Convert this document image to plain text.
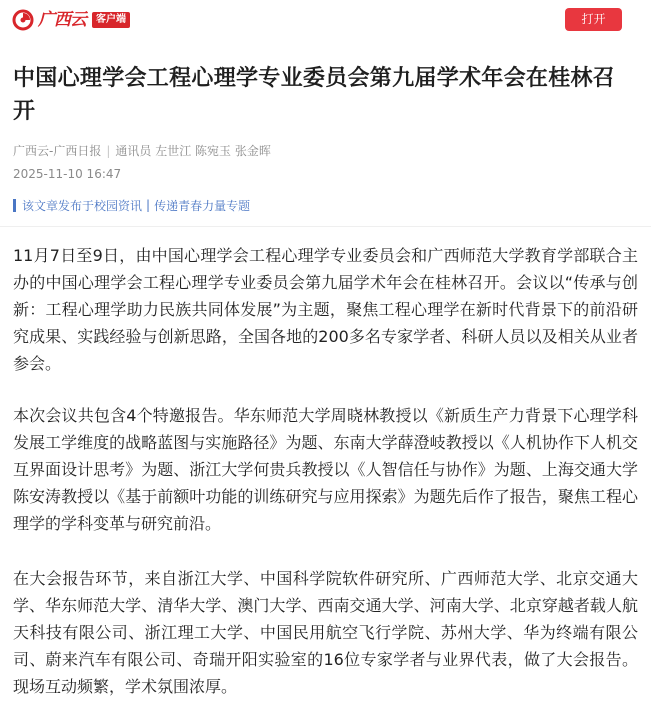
广西云	客户端	打开
中国心理学会工程心理学专业委员会第九届学术年会在桂林召开
广西云-广西日报 | 通讯员 左世江 陈宛玉 张金晖
2025-11-10 16:47
该文章发布于校园资讯 | 传递青春力量专题

11月7日至9日，由中国心理学会工程心理学专业委员会和广西师范大学教育学部联合主办的中国心理学会工程心理学专业委员会第九届学术年会在桂林召开。会议以“传承与创新：工程心理学助力民族共同体发展”为主题，聚焦工程心理学在新时代背景下的前沿研究成果、实践经验与创新思路，全国各地的200多名专家学者、科研人员以及相关从业者参会。

本次会议共包含4个特邀报告。华东师范大学周晓林教授以《新质生产力背景下心理学科发展工学维度的战略蓝图与实施路径》为题、东南大学薛澄岐教授以《人机协作下人机交互界面设计思考》为题、浙江大学何贵兵教授以《人智信任与协作》为题、上海交通大学陈安涛教授以《基于前额叶功能的训练研究与应用探索》为题先后作了报告，聚焦工程心理学的学科变革与研究前沿。

在大会报告环节，来自浙江大学、中国科学院软件研究所、广西师范大学、北京交通大学、华东师范大学、清华大学、澳门大学、西南交通大学、河南大学、北京穿越者载人航天科技有限公司、浙江理工大学、中国民用航空飞行学院、苏州大学、华为终端有限公司、蔚来汽车有限公司、奇瑞开阳实验室的16位专家学者与业界代表，做了大会报告。现场互动频繁，学术氛围浓厚。
